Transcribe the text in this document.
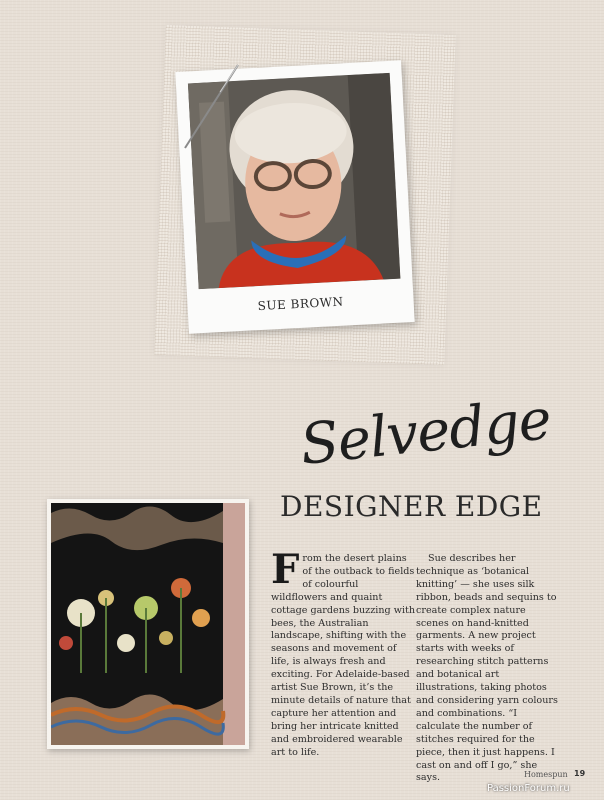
SUE BROWN
Selvedge
DESIGNER EDGE

From the desert plains of the outback to fields of colourful wildflowers and quaint cottage gardens buzzing with bees, the Australian landscape, shifting with the seasons and movement of life, is always fresh and exciting. For Adelaide-based artist Sue Brown, it’s the minute details of nature that capture her attention and bring her intricate knitted and embroidered wearable art to life.

Sue describes her technique as ‘botanical knitting’ — she uses silk ribbon, beads and sequins to create complex nature scenes on hand-knitted garments. A new project starts with weeks of researching stitch patterns and botanical art illustrations, taking photos and considering yarn colours and combinations. “I calculate the number of stitches required for the piece, then it just happens. I cast on and off I go,” she says.	Homespun 19
PassionForum.ru
